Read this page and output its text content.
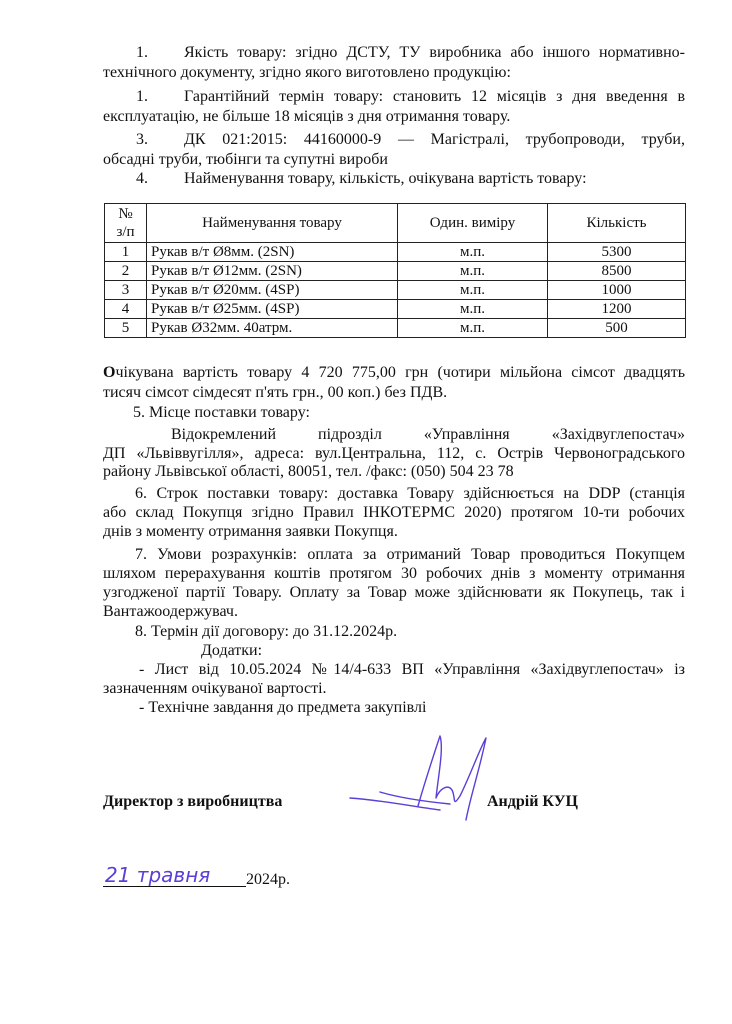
1. Якість товару: згідно ДСТУ, ТУ виробника або іншого нормативно-
технічного документу, згідно якого виготовлено продукцію:
1. Гарантійний термін товару: становить 12 місяців з дня введення в
експлуатацію, не більше 18 місяців з дня отримання товару.
3. ДК 021:2015: 44160000-9 — Магістралі, трубопроводи, труби,
обсадні труби, тюбінги та супутні вироби
4. Найменування товару, кількість, очікувана вартість товару:
№
з/п	Найменування товару	Один. виміру	Кількість
1	Рукав в/т Ø8мм. (2SN)	м.п.	5300
2	Рукав в/т Ø12мм. (2SN)	м.п.	8500
3	Рукав в/т Ø20мм. (4SP)	м.п.	1000
4	Рукав в/т Ø25мм. (4SP)	м.п.	1200
5	Рукав Ø32мм. 40атрм.	м.п.	500
Очікувана вартість товару 4 720 775,00 грн (чотири мільйона сімсот двадцять
тисяч сімсот сімдесят п'ять грн., 00 коп.) без ПДВ.
5. Місце поставки товару:
Відокремлений підрозділ «Управління «Західвуглепостач»
ДП «Львіввугілля», адреса: вул.Центральна, 112, с. Острів Червоноградського
району Львівської області, 80051, тел. /факс: (050) 504 23 78
6. Строк поставки товару: доставка Товару здійснюється на DDP (станція
або склад Покупця згідно Правил ІНКОТЕРМС 2020) протягом 10-ти робочих
днів з моменту отримання заявки Покупця.
7. Умови розрахунків: оплата за отриманий Товар проводиться Покупцем
шляхом перерахування коштів протягом 30 робочих днів з моменту отримання
узгодженої партії Товару. Оплату за Товар може здійснювати як Покупець, так і
Вантажоодержувач.
8. Термін дії договору: до 31.12.2024р.
Додатки:
- Лист від 10.05.2024 №14/4-633 ВП «Управління «Західвуглепостач» із
зазначенням очікуваної вартості.
- Технічне завдання до предмета закупівлі
Директор з виробництва	Андрій КУЦ
21 травня 2024р.
